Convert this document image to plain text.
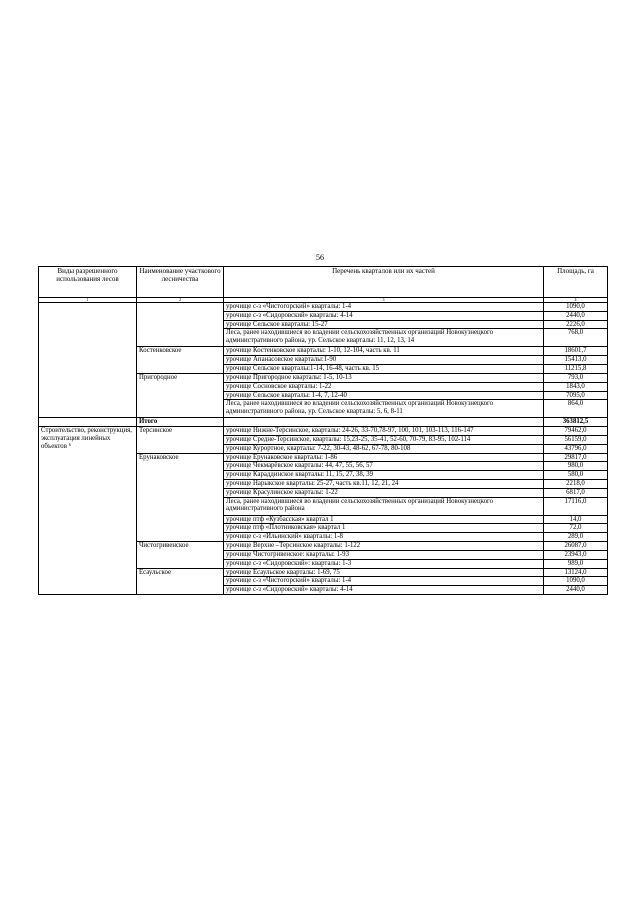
56
Виды разрешенного использования лесов	Наименование участкового лесничества	Перечень кварталов или их частей	Площадь, га
1	2	3	4
		урочище с-з «Чистогорский» кварталы: 1-4	1090,0
		урочище с-з «Сидоровский» кварталы: 4-14	2440,0
		урочище Сельское кварталы: 15-27	2226,0
		Леса, ранее находившиеся во владении сельскохозяйственных организаций Новокузнецкого административного района, ур. Сельское кварталы: 11, 12, 13, 14	768,0
	Костенковское	урочище Костенковское кварталы: 1-10, 12-104, часть кв. 11	18601,7
		урочище Апанасовское кварталы:1-90	15413,0
		урочище Сельское кварталы:1-14, 16-48, часть кв. 15	11215,8
	Пригородное	урочище Пригородное кварталы: 1-5, 10-13	793,0
		урочище Сосновское кварталы: 1-22	1843,0
		урочище Сельское кварталы: 1-4, 7, 12-40	7095,0
		Леса, ранее находившиеся во владении сельскохозяйственных организаций Новокузнецкого административного района, ур. Сельское кварталы: 5, 6, 8-11	864,0
	Итого		363812,5
Строительство, реконструкция, эксплуатация линейных объектов ⁶	Терсинское	урочище Нижне-Терсинское, кварталы: 24-26, 33-70,78-97, 100, 101, 103-113, 116-147	79462,0
		урочище Средне-Терсинское, кварталы: 15,23-25, 35-41, 52-60, 70-79, 83-95, 102-114	56159,0
		урочище Курортное, кварталы: 7-22, 30-43, 48-62, 67-78, 80-108	43796,0
	Ерунаковское	урочище Ерунаковское кварталы: 1-86	29817,0
		урочище Чекмарёвское кварталы: 44, 47, 55, 56, 57	980,0
		урочище Караддинское кварталы: 11, 15, 27, 38, 39	580,0
		урочище Нарыкское кварталы: 25-27, часть кв.11, 12, 21, 24	2218,0
		урочище Красулинское кварталы: 1-22	6817,0
		Леса, ранее находившиеся во владении сельскохозяйственных организаций Новокузнецкого административного района	17116,0
		урочище птф «Кузбасская» квартал 1	14,0
		урочище птф «Плотниковская» квартал 1	72,0
		урочище с-з «Ильинский» кварталы: 1-8	289,0
	Чистогривенское	урочище Верхне –Терсинское кварталы: 1-122	26087,0
		урочище Чистогривенское: кварталы: 1-93	23943,0
		урочище с-з «Сидоровский»: кварталы: 1-3	989,0
	Есаульское	урочище Есаульское кварталы: 1-69, 75	13124,0
		урочище с-з «Чистогорский» кварталы: 1-4	1090,0
		урочище с-з «Сидоровский» кварталы: 4-14	2440,0
